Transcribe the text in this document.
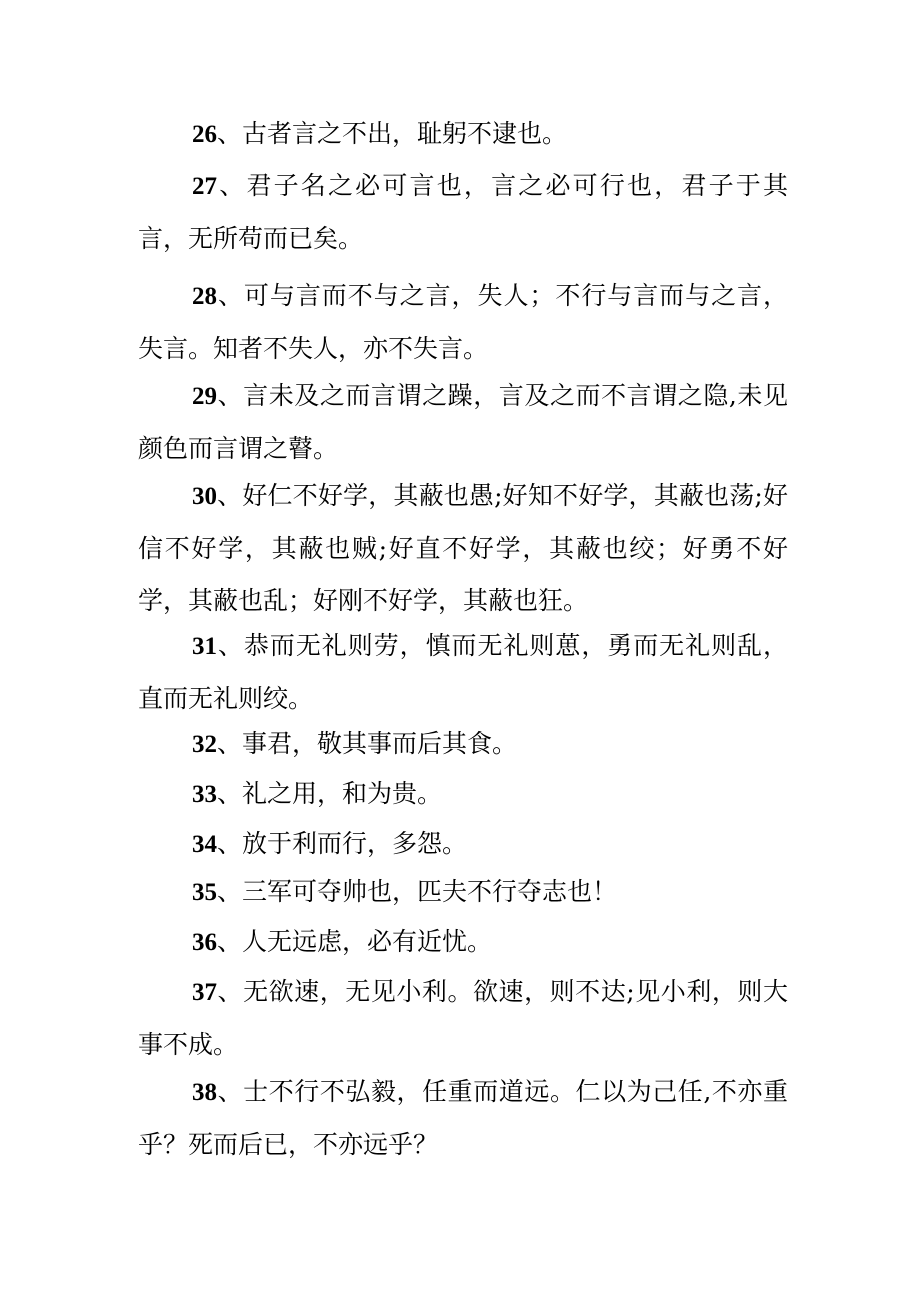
26、古者言之不出，耻躬不逮也。

27、君子名之必可言也，言之必可行也，君子于其言，无所苟而已矣。

28、可与言而不与之言，失人；不行与言而与之言，失言。知者不失人，亦不失言。

29、言未及之而言谓之躁，言及之而不言谓之隐,未见颜色而言谓之瞽。

30、好仁不好学，其蔽也愚;好知不好学，其蔽也荡;好信不好学，其蔽也贼;好直不好学，其蔽也绞；好勇不好学，其蔽也乱；好刚不好学，其蔽也狂。

31、恭而无礼则劳，慎而无礼则葸，勇而无礼则乱，直而无礼则绞。

32、事君，敬其事而后其食。

33、礼之用，和为贵。

34、放于利而行，多怨。

35、三军可夺帅也，匹夫不行夺志也！

36、人无远虑，必有近忧。

37、无欲速，无见小利。欲速，则不达;见小利，则大事不成。

38、士不行不弘毅，任重而道远。仁以为己任,不亦重乎？死而后已，不亦远乎？
